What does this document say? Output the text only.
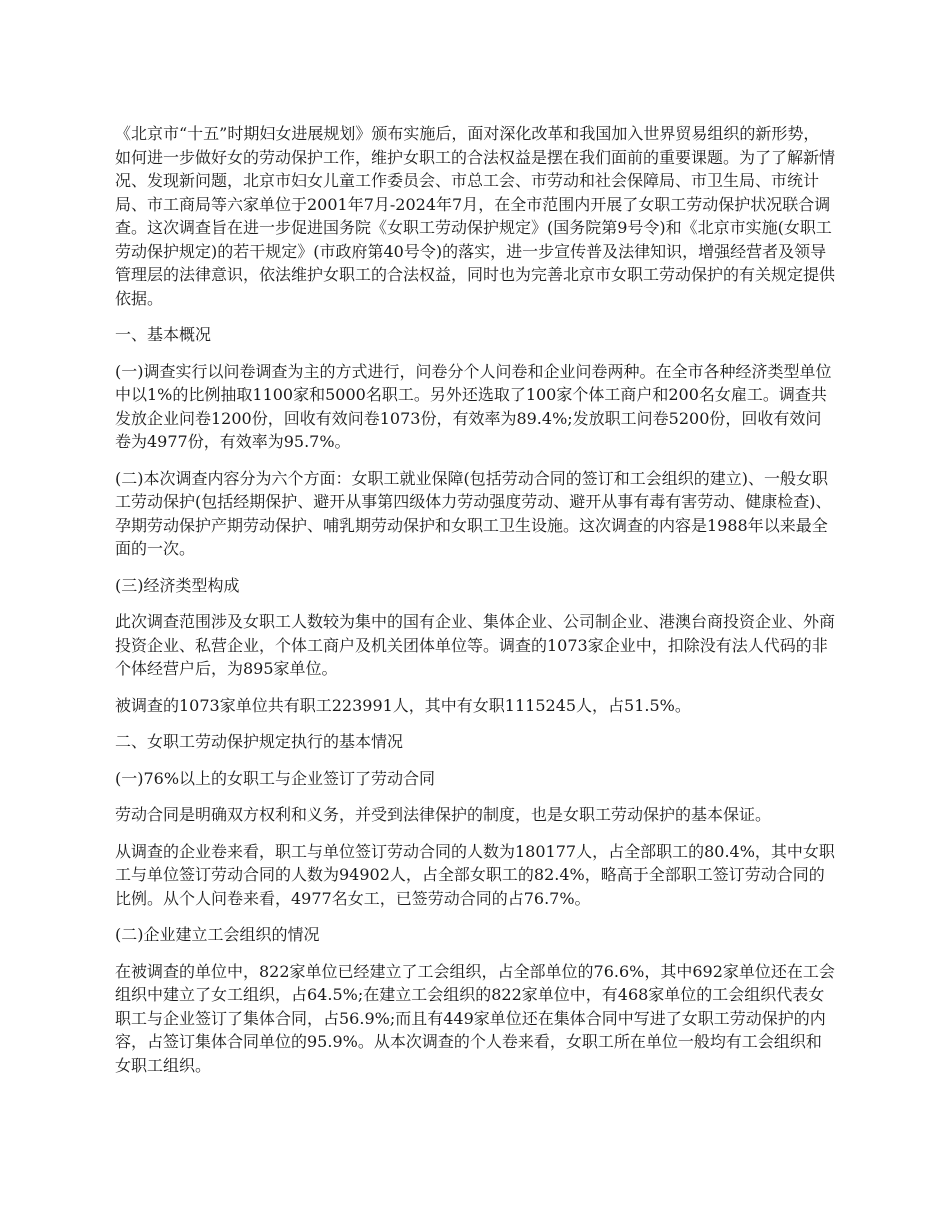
《北京市“十五”时期妇女进展规划》颁布实施后，面对深化改革和我国加入世界贸易组织的新形势，如何进一步做好女的劳动保护工作，维护女职工的合法权益是摆在我们面前的重要课题。为了了解新情况、发现新问题，北京市妇女儿童工作委员会、市总工会、市劳动和社会保障局、市卫生局、市统计局、市工商局等六家单位于2001年7月-2024年7月，在全市范围内开展了女职工劳动保护状况联合调查。这次调查旨在进一步促进国务院《女职工劳动保护规定》(国务院第9号令)和《北京市实施(女职工劳动保护规定)的若干规定》(市政府第40号令)的落实，进一步宣传普及法律知识，增强经营者及领导管理层的法律意识，依法维护女职工的合法权益，同时也为完善北京市女职工劳动保护的有关规定提供依据。

一、基本概况

(一)调查实行以问卷调查为主的方式进行，问卷分个人问卷和企业问卷两种。在全市各种经济类型单位中以1%的比例抽取1100家和5000名职工。另外还选取了100家个体工商户和200名女雇工。调查共发放企业问卷1200份，回收有效问卷1073份，有效率为89.4%;发放职工问卷5200份，回收有效问卷为4977份，有效率为95.7%。

(二)本次调查内容分为六个方面：女职工就业保障(包括劳动合同的签订和工会组织的建立)、一般女职工劳动保护(包括经期保护、避开从事第四级体力劳动强度劳动、避开从事有毒有害劳动、健康检查)、孕期劳动保护产期劳动保护、哺乳期劳动保护和女职工卫生设施。这次调查的内容是1988年以来最全面的一次。

(三)经济类型构成

此次调查范围涉及女职工人数较为集中的国有企业、集体企业、公司制企业、港澳台商投资企业、外商投资企业、私营企业，个体工商户及机关团体单位等。调查的1073家企业中，扣除没有法人代码的非个体经营户后，为895家单位。

被调查的1073家单位共有职工223991人，其中有女职1115245人，占51.5%。

二、女职工劳动保护规定执行的基本情况

(一)76%以上的女职工与企业签订了劳动合同

劳动合同是明确双方权利和义务，并受到法律保护的制度，也是女职工劳动保护的基本保证。

从调查的企业卷来看，职工与单位签订劳动合同的人数为180177人，占全部职工的80.4%，其中女职工与单位签订劳动合同的人数为94902人，占全部女职工的82.4%，略高于全部职工签订劳动合同的比例。从个人问卷来看，4977名女工，已签劳动合同的占76.7%。

(二)企业建立工会组织的情况

在被调查的单位中，822家单位已经建立了工会组织，占全部单位的76.6%，其中692家单位还在工会组织中建立了女工组织，占64.5%;在建立工会组织的822家单位中，有468家单位的工会组织代表女职工与企业签订了集体合同，占56.9%;而且有449家单位还在集体合同中写进了女职工劳动保护的内容，占签订集体合同单位的95.9%。从本次调查的个人卷来看，女职工所在单位一般均有工会组织和女职工组织。
